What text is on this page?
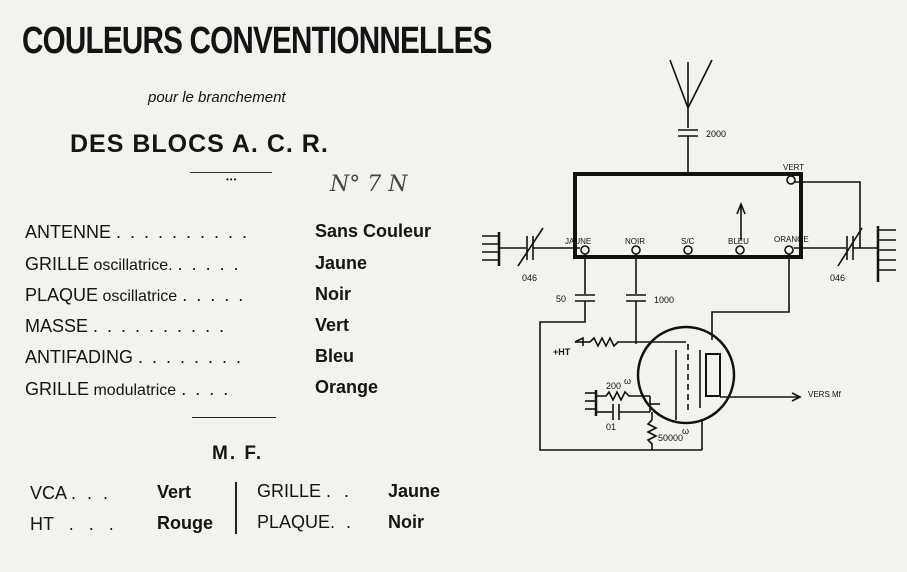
COULEURS CONVENTIONNELLES
pour le branchement
DES BLOCS A. C. R.
•••	N° 7 N
ANTENNE . . . . . . . . . .	Sans Couleur
GRILLE oscillatrice. . . . . .	Jaune
PLAQUE oscillatrice . . . . .	Noir
MASSE . . . . . . . . . .	Vert
ANTIFADING . . . . . . . .	Bleu
GRILLE modulatrice . . . .	Orange
M. F.
VCA . . .	Vert
HT . . . Rouge
GRILLE . . Jaune
PLAQUE. . Noir
2000
VERT
JAUNE	NOIR	S/C	BLEU	ORANGE
046	046
50	1000
+HT
200 ω
01
50000
ω
VERS Mf
